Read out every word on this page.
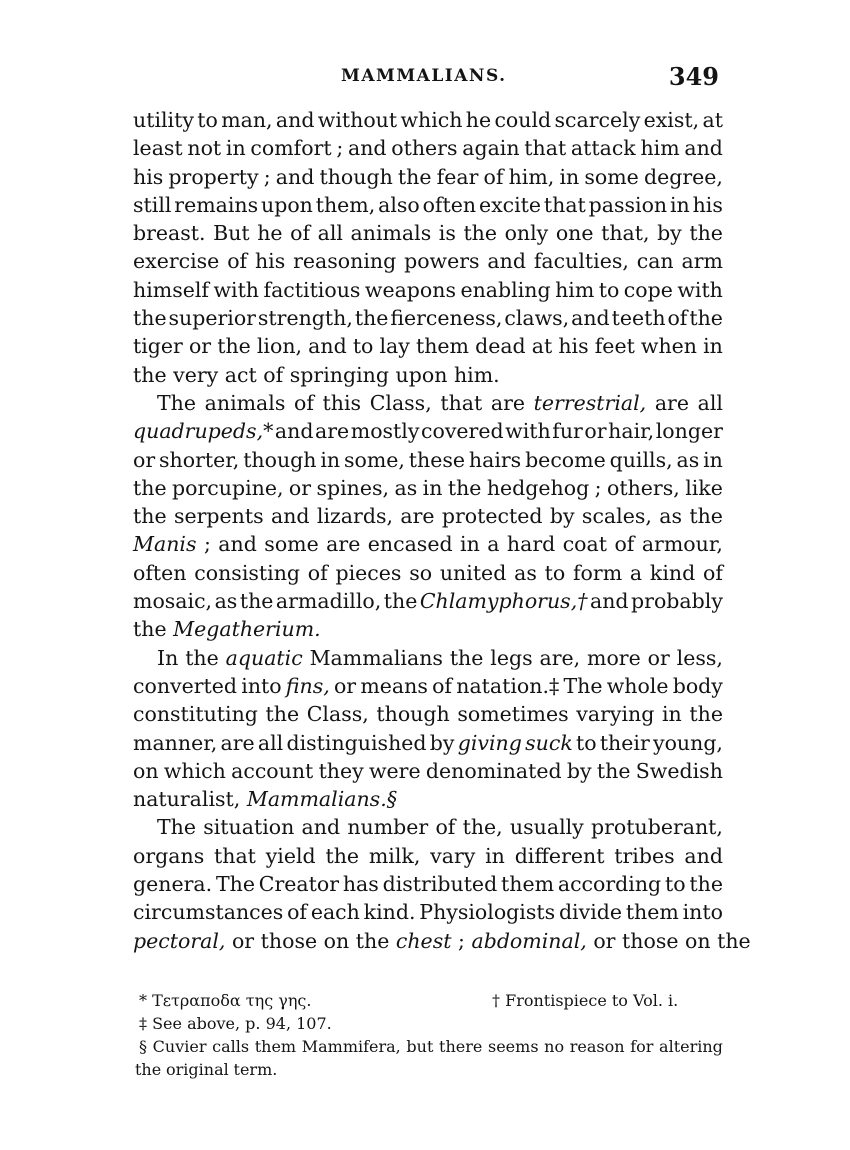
MAMMALIANS.	349
utility to man, and without which he could scarcely exist, at
least not in comfort ; and others again that attack him and
his property ; and though the fear of him, in some degree,
still remains upon them, also often excite that passion in his
breast. But he of all animals is the only one that, by the
exercise of his reasoning powers and faculties, can arm
himself with factitious weapons enabling him to cope with
the superior strength, the fierceness, claws, and teeth of the
tiger or the lion, and to lay them dead at his feet when in
the very act of springing upon him.
The animals of this Class, that are terrestrial, are all
quadrupeds,* and are mostly covered with fur or hair, longer
or shorter, though in some, these hairs become quills, as in
the porcupine, or spines, as in the hedgehog ; others, like
the serpents and lizards, are protected by scales, as the
Manis ; and some are encased in a hard coat of armour,
often consisting of pieces so united as to form a kind of
mosaic, as the armadillo, the Chlamyphorus,† and probably
the Megatherium.
In the aquatic Mammalians the legs are, more or less,
converted into fins, or means of natation.‡ The whole body
constituting the Class, though sometimes varying in the
manner, are all distinguished by giving suck to their young,
on which account they were denominated by the Swedish
naturalist, Mammalians.§
The situation and number of the, usually protuberant,
organs that yield the milk, vary in different tribes and
genera. The Creator has distributed them according to the
circumstances of each kind. Physiologists divide them into
pectoral, or those on the chest ; abdominal, or those on the
* Τετραποδα της γης.	† Frontispiece to Vol. i.
‡ See above, p. 94, 107.
§ Cuvier calls them Mammifera, but there seems no reason for altering
the original term.
